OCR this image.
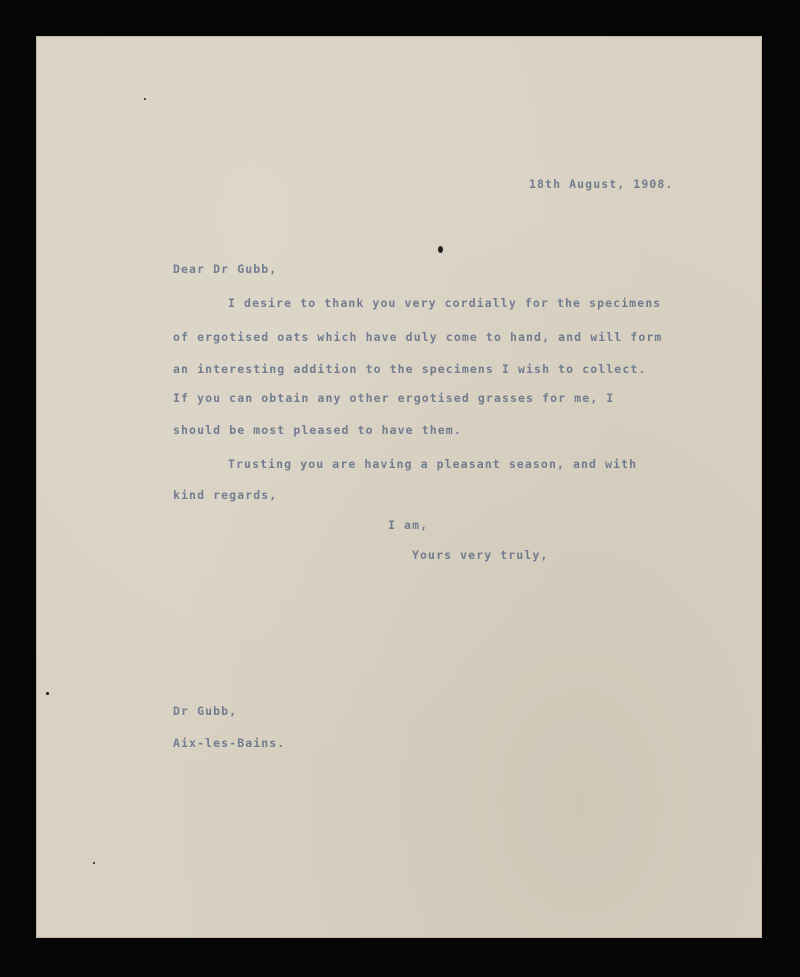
18th August, 1908.
Dear Dr Gubb,
I desire to thank you very cordially for the specimens
of ergotised oats which have duly come to hand, and will form
an interesting addition to the specimens I wish to collect.
If you can obtain any other ergotised grasses for me, I
should be most pleased to have them.
Trusting you are having a pleasant season, and with
kind regards,
I am,
Yours very truly,
Dr Gubb,
Aix-les-Bains.
